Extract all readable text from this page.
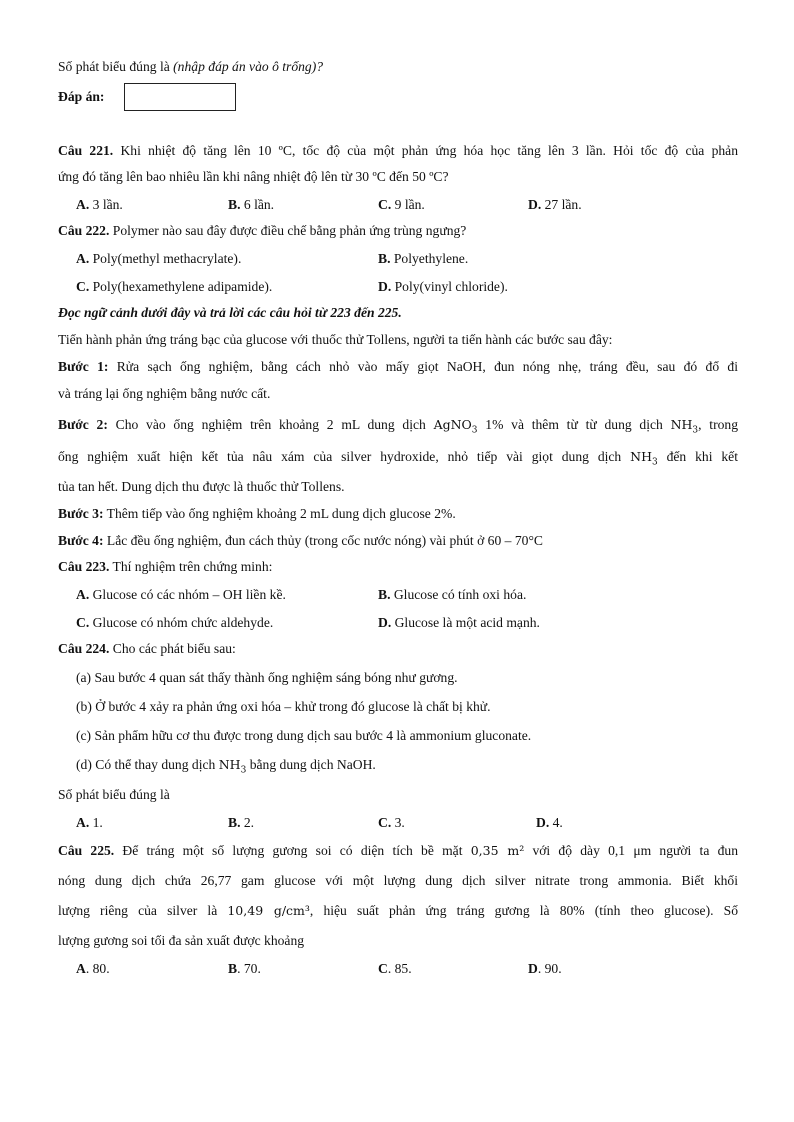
Số phát biểu đúng là (nhập đáp án vào ô trống)?
Đáp án:
Câu 221. Khi nhiệt độ tăng lên 10 ºC, tốc độ của một phản ứng hóa học tăng lên 3 lần. Hỏi tốc độ của phản
ứng đó tăng lên bao nhiêu lần khi nâng nhiệt độ lên từ 30 ºC đến 50 ºC?
A. 3 lần.	B. 6 lần.	C. 9 lần.	D. 27 lần.
Câu 222. Polymer nào sau đây được điều chế bằng phản ứng trùng ngưng?
A. Poly(methyl methacrylate).	B. Polyethylene.
C. Poly(hexamethylene adipamide).	D. Poly(vinyl chloride).
Đọc ngữ cảnh dưới đây và trả lời các câu hỏi từ 223 đến 225.
Tiến hành phản ứng tráng bạc của glucose với thuốc thử Tollens, người ta tiến hành các bước sau đây:
Bước 1: Rửa sạch ống nghiệm, bằng cách nhỏ vào mấy giọt NaOH, đun nóng nhẹ, tráng đều, sau đó đổ đi
và tráng lại ống nghiệm bằng nước cất.
Bước 2: Cho vào ống nghiệm trên khoảng 2 mL dung dịch AgNO$_3$ 1% và thêm từ từ dung dịch $NH_3$, trong
ống nghiệm xuất hiện kết tủa nâu xám của silver hydroxide, nhỏ tiếp vài giọt dung dịch $NH_3$ đến khi kết
tủa tan hết. Dung dịch thu được là thuốc thử Tollens.
Bước 3: Thêm tiếp vào ống nghiệm khoảng 2 mL dung dịch glucose 2%.
Bước 4: Lắc đều ống nghiệm, đun cách thủy (trong cốc nước nóng) vài phút ở 60 – 70°C
Câu 223. Thí nghiệm trên chứng minh:
A. Glucose có các nhóm – OH liền kề.	B. Glucose có tính oxi hóa.
C. Glucose có nhóm chức aldehyde.	D. Glucose là một acid mạnh.
Câu 224. Cho các phát biểu sau:
(a) Sau bước 4 quan sát thấy thành ống nghiệm sáng bóng như gương.
(b) Ở bước 4 xảy ra phản ứng oxi hóa – khử trong đó glucose là chất bị khử.
(c) Sản phẩm hữu cơ thu được trong dung dịch sau bước 4 là ammonium gluconate.
(d) Có thể thay dung dịch $NH_3$ bằng dung dịch NaOH.
Số phát biểu đúng là
A. 1.	B. 2.	C. 3.	D. 4.
Câu 225. Để tráng một số lượng gương soi có diện tích bề mặt 0,35 m² với độ dày 0,1 μm người ta đun
nóng dung dịch chứa 26,77 gam glucose với một lượng dung dịch silver nitrate trong ammonia. Biết khối
lượng riêng của silver là 10,49 g/cm³, hiệu suất phản ứng tráng gương là 80% (tính theo glucose). Số
lượng gương soi tối đa sản xuất được khoảng
A. 80.	B. 70.	C. 85.	D. 90.
